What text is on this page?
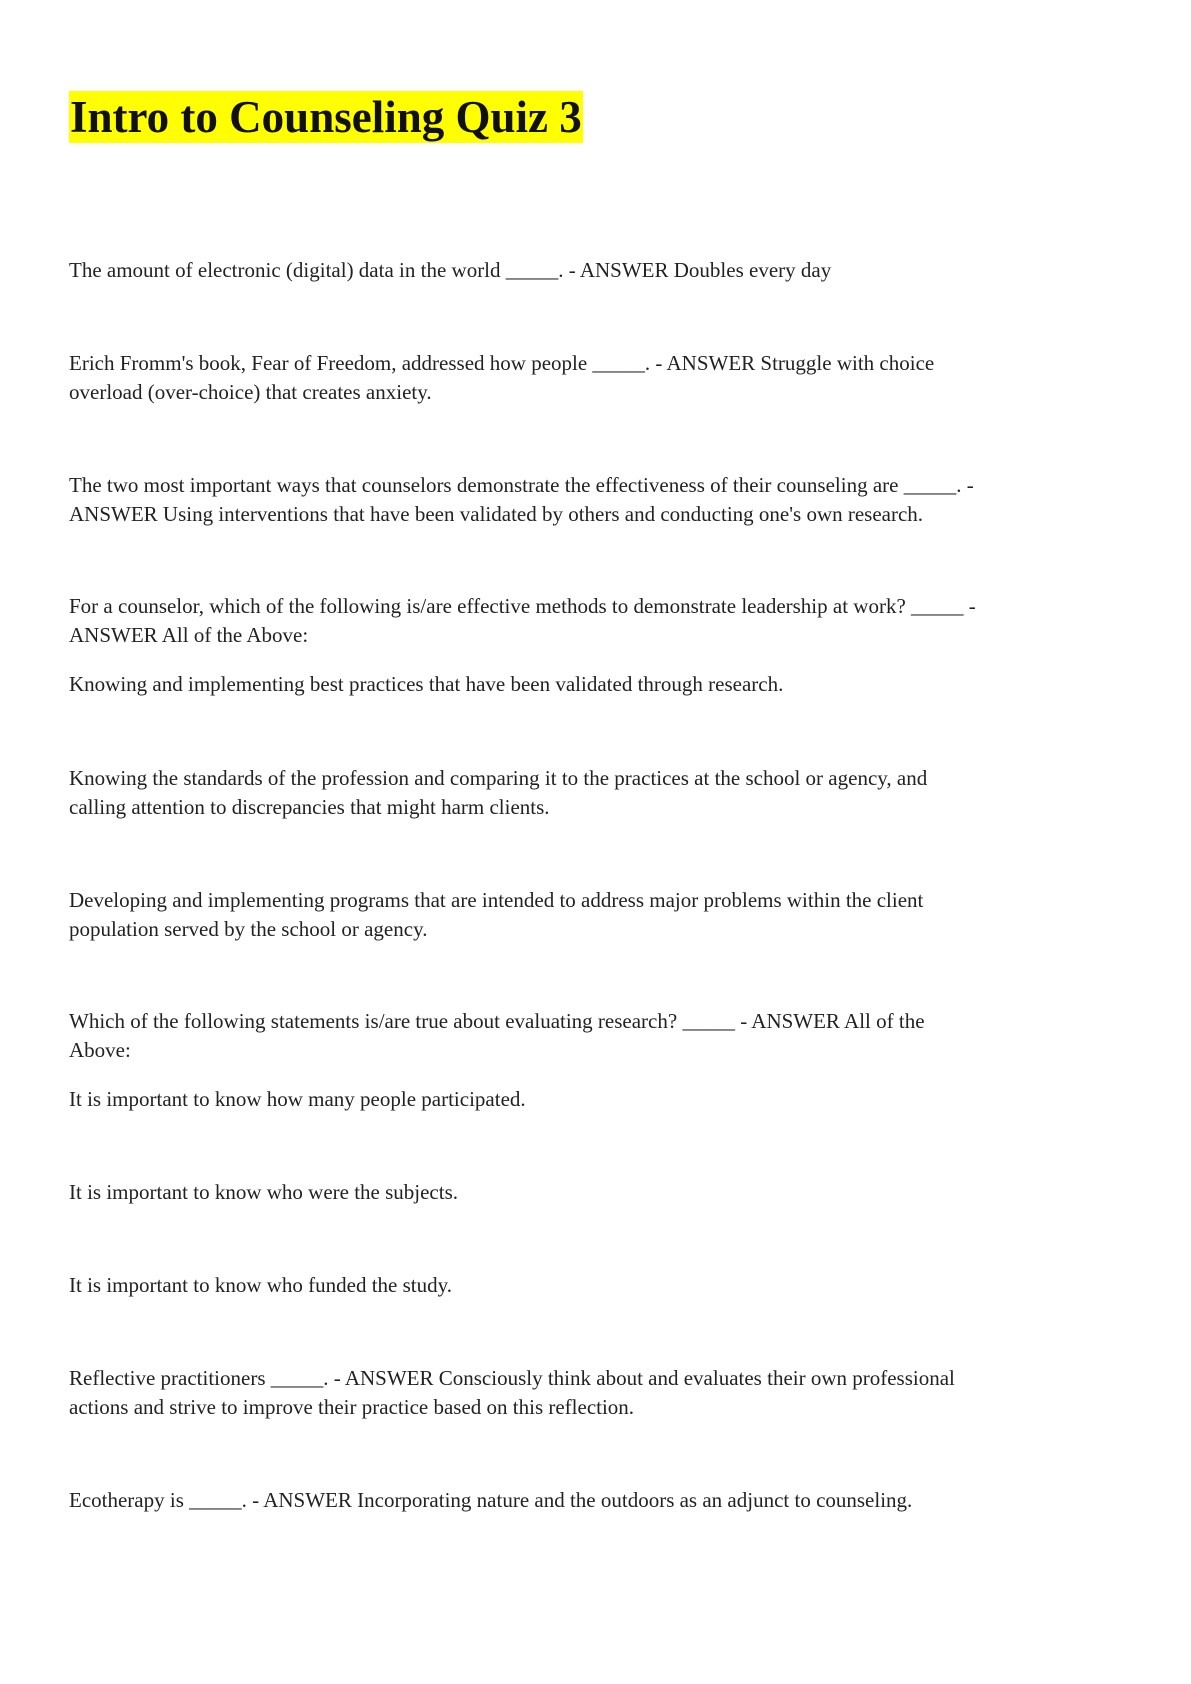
Intro to Counseling Quiz 3

The amount of electronic (digital) data in the world _____. - ANSWER Doubles every day

Erich Fromm's book, Fear of Freedom, addressed how people _____. - ANSWER Struggle with choice
overload (over-choice) that creates anxiety.

The two most important ways that counselors demonstrate the effectiveness of their counseling are _____. -
ANSWER Using interventions that have been validated by others and conducting one's own research.

For a counselor, which of the following is/are effective methods to demonstrate leadership at work? _____ -
ANSWER All of the Above:

Knowing and implementing best practices that have been validated through research.

Knowing the standards of the profession and comparing it to the practices at the school or agency, and
calling attention to discrepancies that might harm clients.

Developing and implementing programs that are intended to address major problems within the client
population served by the school or agency.

Which of the following statements is/are true about evaluating research? _____ - ANSWER All of the
Above:

It is important to know how many people participated.

It is important to know who were the subjects.

It is important to know who funded the study.

Reflective practitioners _____. - ANSWER Consciously think about and evaluates their own professional
actions and strive to improve their practice based on this reflection.

Ecotherapy is _____. - ANSWER Incorporating nature and the outdoors as an adjunct to counseling.
